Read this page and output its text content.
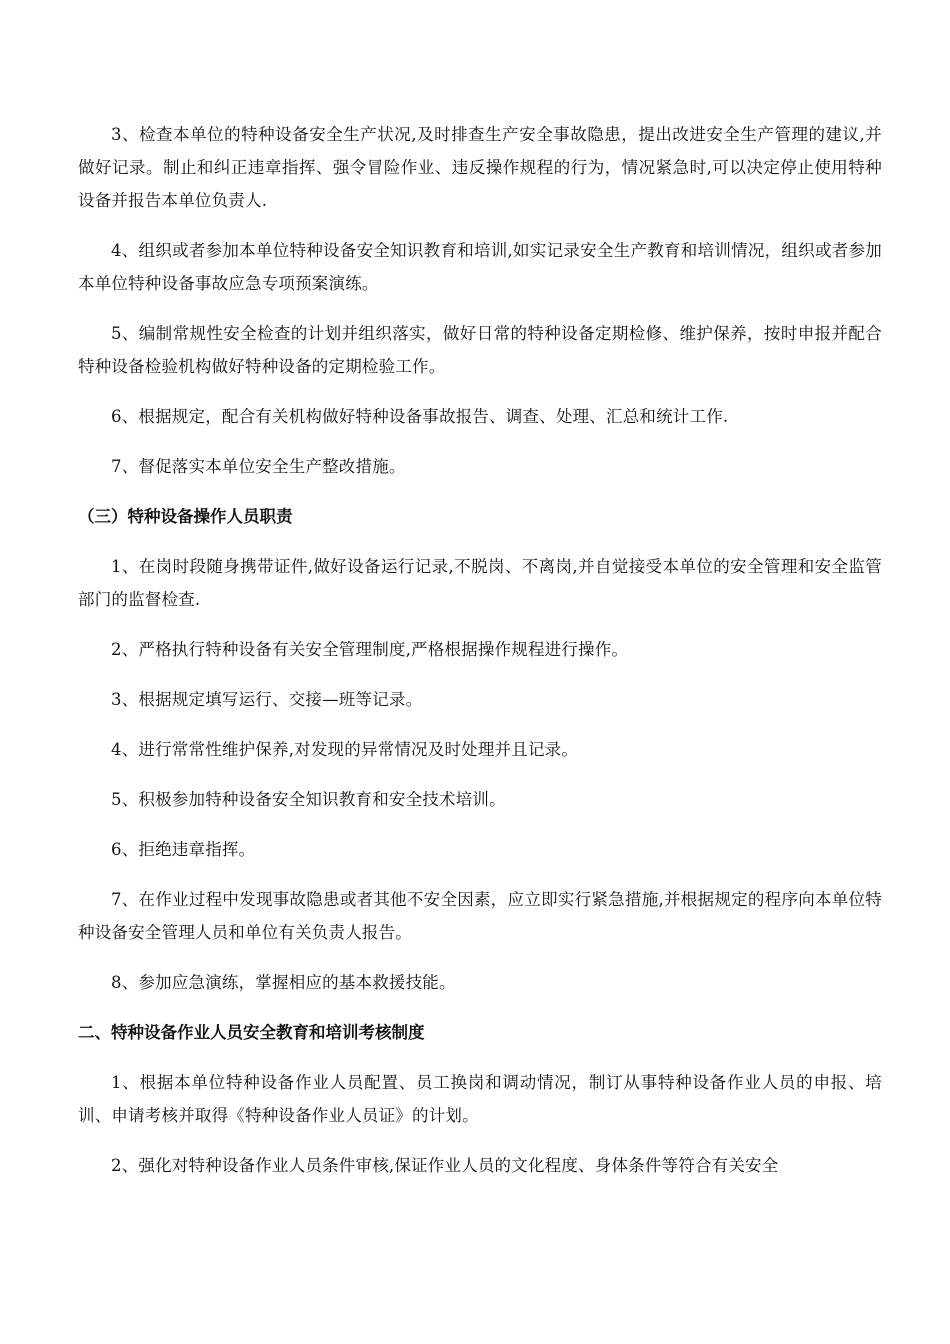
3、检查本单位的特种设备安全生产状况,及时排查生产安全事故隐患，提出改进安全生产管理的建议,并做好记录。制止和纠正违章指挥、强令冒险作业、违反操作规程的行为，情况紧急时,可以决定停止使用特种设备并报告本单位负责人.

4、组织或者参加本单位特种设备安全知识教育和培训,如实记录安全生产教育和培训情况，组织或者参加本单位特种设备事故应急专项预案演练。

5、编制常规性安全检查的计划并组织落实，做好日常的特种设备定期检修、维护保养，按时申报并配合特种设备检验机构做好特种设备的定期检验工作。

6、根据规定，配合有关机构做好特种设备事故报告、调查、处理、汇总和统计工作.

7、督促落实本单位安全生产整改措施。

（三）特种设备操作人员职责

1、在岗时段随身携带证件,做好设备运行记录,不脱岗、不离岗,并自觉接受本单位的安全管理和安全监管部门的监督检查.

2、严格执行特种设备有关安全管理制度,严格根据操作规程进行操作。

3、根据规定填写运行、交接—班等记录。

4、进行常常性维护保养,对发现的异常情况及时处理并且记录。

5、积极参加特种设备安全知识教育和安全技术培训。

6、拒绝违章指挥。

7、在作业过程中发现事故隐患或者其他不安全因素，应立即实行紧急措施,并根据规定的程序向本单位特种设备安全管理人员和单位有关负责人报告。

8、参加应急演练，掌握相应的基本救援技能。

二、特种设备作业人员安全教育和培训考核制度

1、根据本单位特种设备作业人员配置、员工换岗和调动情况，制订从事特种设备作业人员的申报、培训、申请考核并取得《特种设备作业人员证》的计划。

2、强化对特种设备作业人员条件审核,保证作业人员的文化程度、身体条件等符合有关安全
